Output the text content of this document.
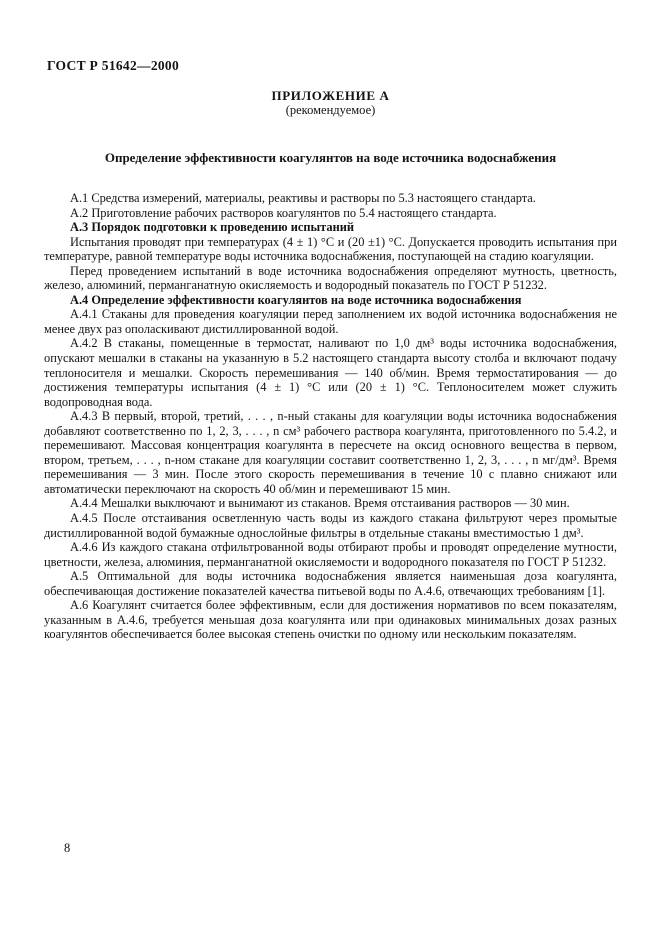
ГОСТ Р 51642—2000
ПРИЛОЖЕНИЕ А
(рекомендуемое)
Определение эффективности коагулянтов на воде источника водоснабжения

А.1 Средства измерений, материалы, реактивы и растворы по 5.3 настоящего стандарта.

А.2 Приготовление рабочих растворов коагулянтов по 5.4 настоящего стандарта.

А.3 Порядок подготовки к проведению испытаний

Испытания проводят при температурах (4 ± 1) °С и (20 ±1) °С. Допускается проводить испытания при температуре, равной температуре воды источника водоснабжения, поступающей на стадию коагуляции.

Перед проведением испытаний в воде источника водоснабжения определяют мутность, цветность, железо, алюминий, перманганатную окисляемость и водородный показатель по ГОСТ Р 51232.

А.4 Определение эффективности коагулянтов на воде источника водоснабжения

А.4.1 Стаканы для проведения коагуляции перед заполнением их водой источника водоснабжения не менее двух раз ополаскивают дистиллированной водой.

А.4.2 В стаканы, помещенные в термостат, наливают по 1,0 дм³ воды источника водоснабжения, опускают мешалки в стаканы на указанную в 5.2 настоящего стандарта высоту столба и включают подачу теплоносителя и мешалки. Скорость перемешивания — 140 об/мин. Время термостатирования — до достижения температуры испытания (4 ± 1) °С или (20 ± 1) °С. Теплоносителем может служить водопроводная вода.

А.4.3 В первый, второй, третий, . . . , n-ный стаканы для коагуляции воды источника водоснабжения добавляют соответственно по 1, 2, 3, . . . , n см³ рабочего раствора коагулянта, приготовленного по 5.4.2, и перемешивают. Массовая концентрация коагулянта в пересчете на оксид основного вещества в первом, втором, третьем, . . . , n-ном стакане для коагуляции составит соответственно 1, 2, 3, . . . , n мг/дм³. Время перемешивания — 3 мин. После этого скорость перемешивания в течение 10 с плавно снижают или автоматически переключают на скорость 40 об/мин и перемешивают 15 мин.

А.4.4 Мешалки выключают и вынимают из стаканов. Время отстаивания растворов — 30 мин.

А.4.5 После отстаивания осветленную часть воды из каждого стакана фильтруют через промытые дистиллированной водой бумажные однослойные фильтры в отдельные стаканы вместимостью 1 дм³.

А.4.6 Из каждого стакана отфильтрованной воды отбирают пробы и проводят определение мутности, цветности, железа, алюминия, перманганатной окисляемости и водородного показателя по ГОСТ Р 51232.

А.5 Оптимальной для воды источника водоснабжения является наименьшая доза коагулянта, обеспечивающая достижение показателей качества питьевой воды по А.4.6, отвечающих требованиям [1].

А.6 Коагулянт считается более эффективным, если для достижения нормативов по всем показателям, указанным в А.4.6, требуется меньшая доза коагулянта или при одинаковых минимальных дозах разных коагулянтов обеспечивается более высокая степень очистки по одному или нескольким показателям.

8
